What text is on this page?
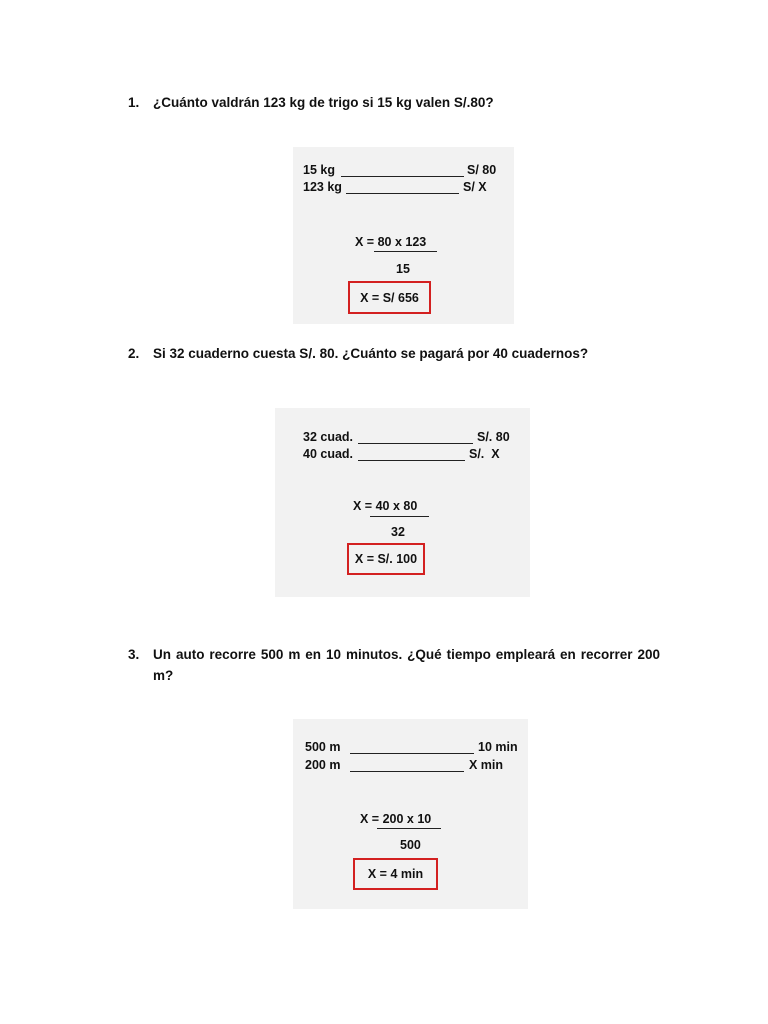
1. ¿Cuánto valdrán 123 kg de trigo si 15 kg valen S/.80?
15 kg	S/ 80
123 kg	S/ X
X = 80 x 123
15
X = S/ 656
2. Si 32 cuaderno cuesta S/. 80. ¿Cuánto se pagará por 40 cuadernos?
32 cuad.	S/. 80
40 cuad.	S/.  X
X = 40 x 80
32
X = S/. 100
3. Un auto recorre 500 m en 10 minutos. ¿Qué tiempo empleará en recorrer 200 m?
500 m	10 min
200 m	X min
X = 200 x 10
500
X = 4 min
